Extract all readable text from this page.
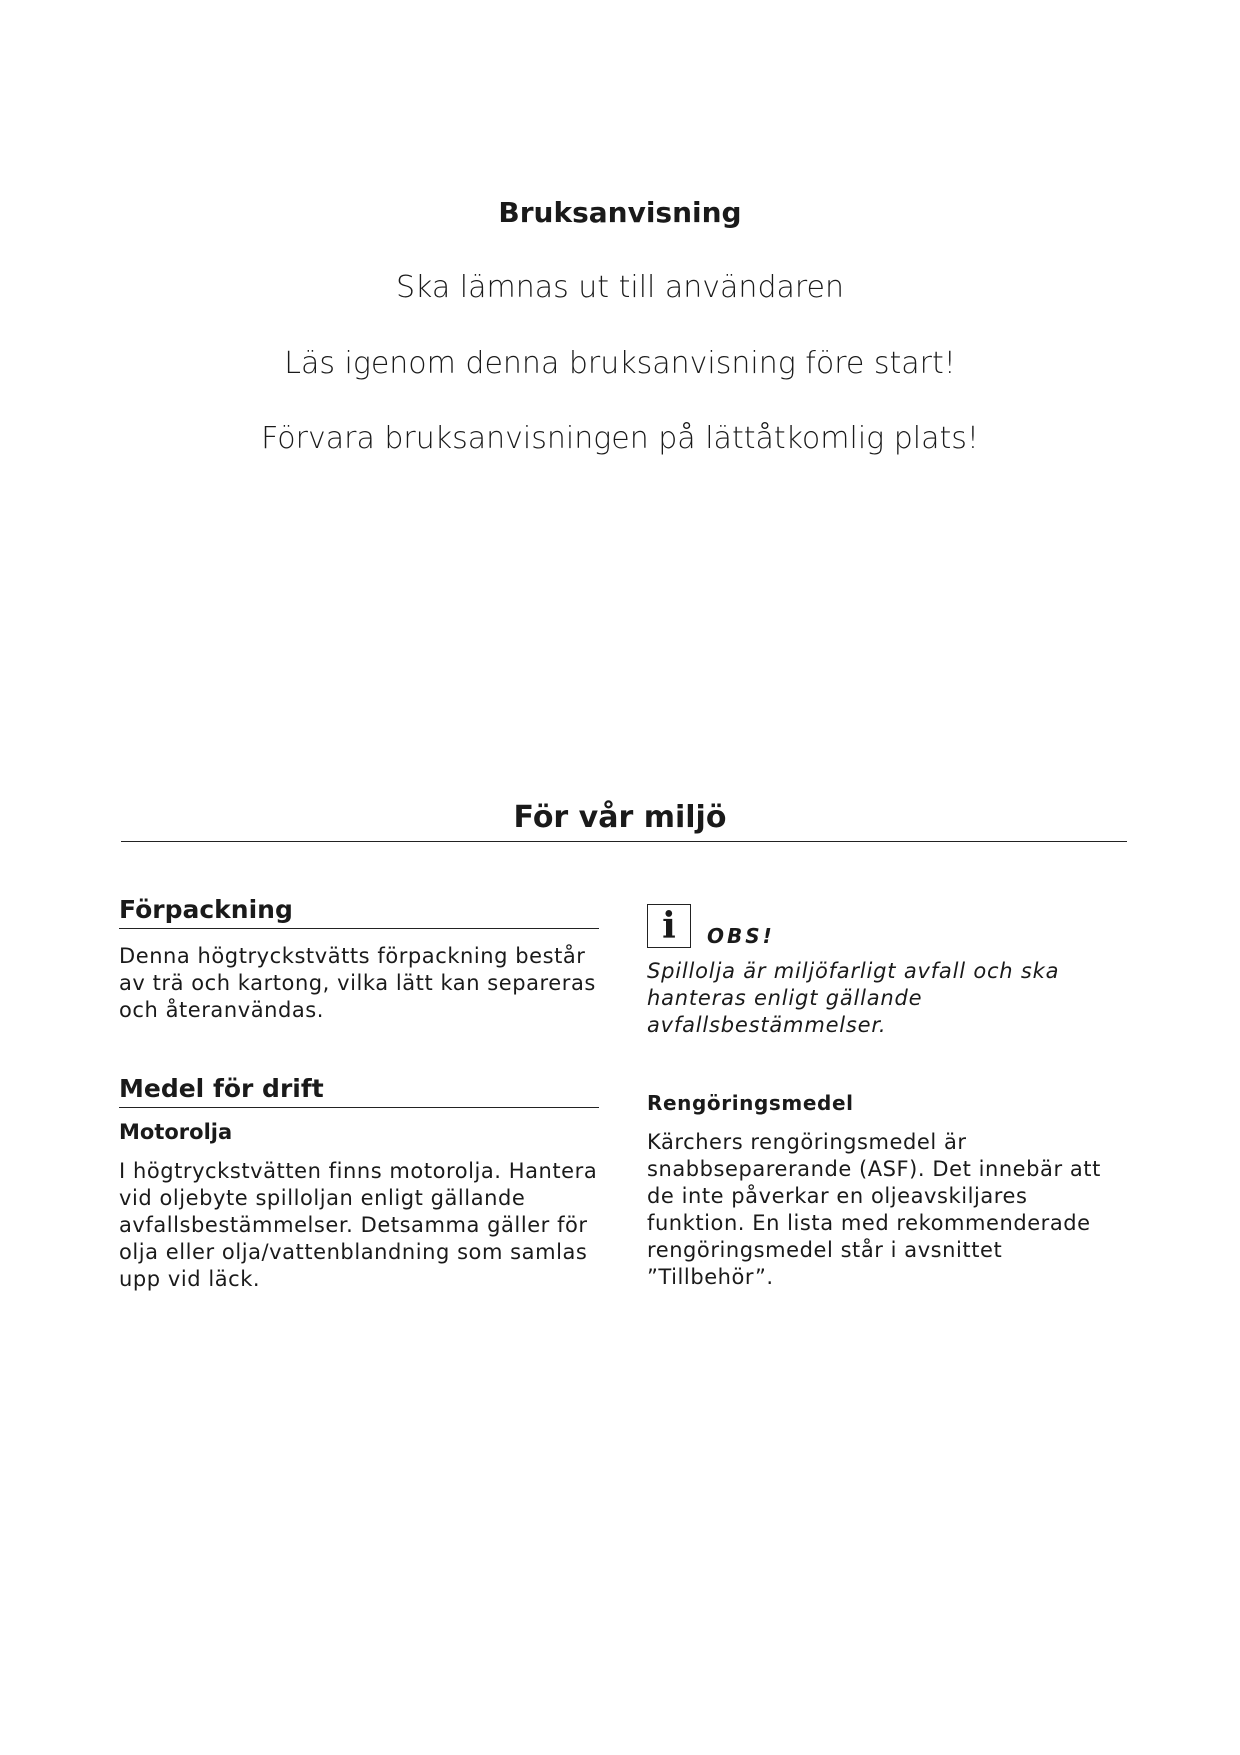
Bruksanvisning
Ska lämnas ut till användaren
Läs igenom denna bruksanvisning före start!
Förvara bruksanvisningen på lättåtkomlig plats!
För vår miljö
Förpackning
Denna högtryckstvätts förpackning består av trä och kartong, vilka lätt kan separeras och återanvändas.
Medel för drift
Motorolja
I högtryckstvätten finns motorolja. Hantera vid oljebyte spilloljan enligt gällande avfallsbestämmelser. Detsamma gäller för olja eller olja/vattenblandning som samlas upp vid läck.
i	OBS!
Spillolja är miljöfarligt avfall och ska hanteras enligt gällande avfallsbestämmelser.
Rengöringsmedel
Kärchers rengöringsmedel är snabbseparerande (ASF). Det innebär att de inte påverkar en oljeavskiljares funktion. En lista med rekommenderade rengöringsmedel står i avsnittet ”Tillbehör”.
